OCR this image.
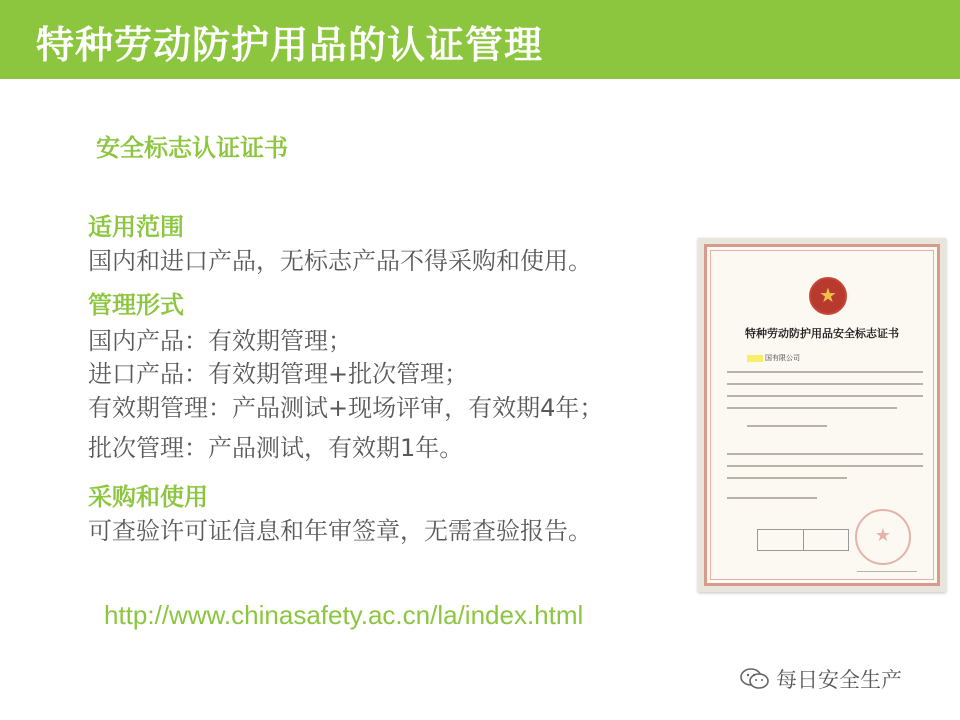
特种劳动防护用品的认证管理
安全标志认证证书
适用范围
国内和进口产品，无标志产品不得采购和使用。
管理形式
国内产品：有效期管理；
进口产品：有效期管理+批次管理；
有效期管理：产品测试+现场评审，有效期4年；
批次管理：产品测试，有效期1年。
采购和使用
可查验许可证信息和年审签章，无需查验报告。
http://www.chinasafety.ac.cn/la/index.html
★
特种劳动防护用品安全标志证书
国有限公司
★
每日安全生产
